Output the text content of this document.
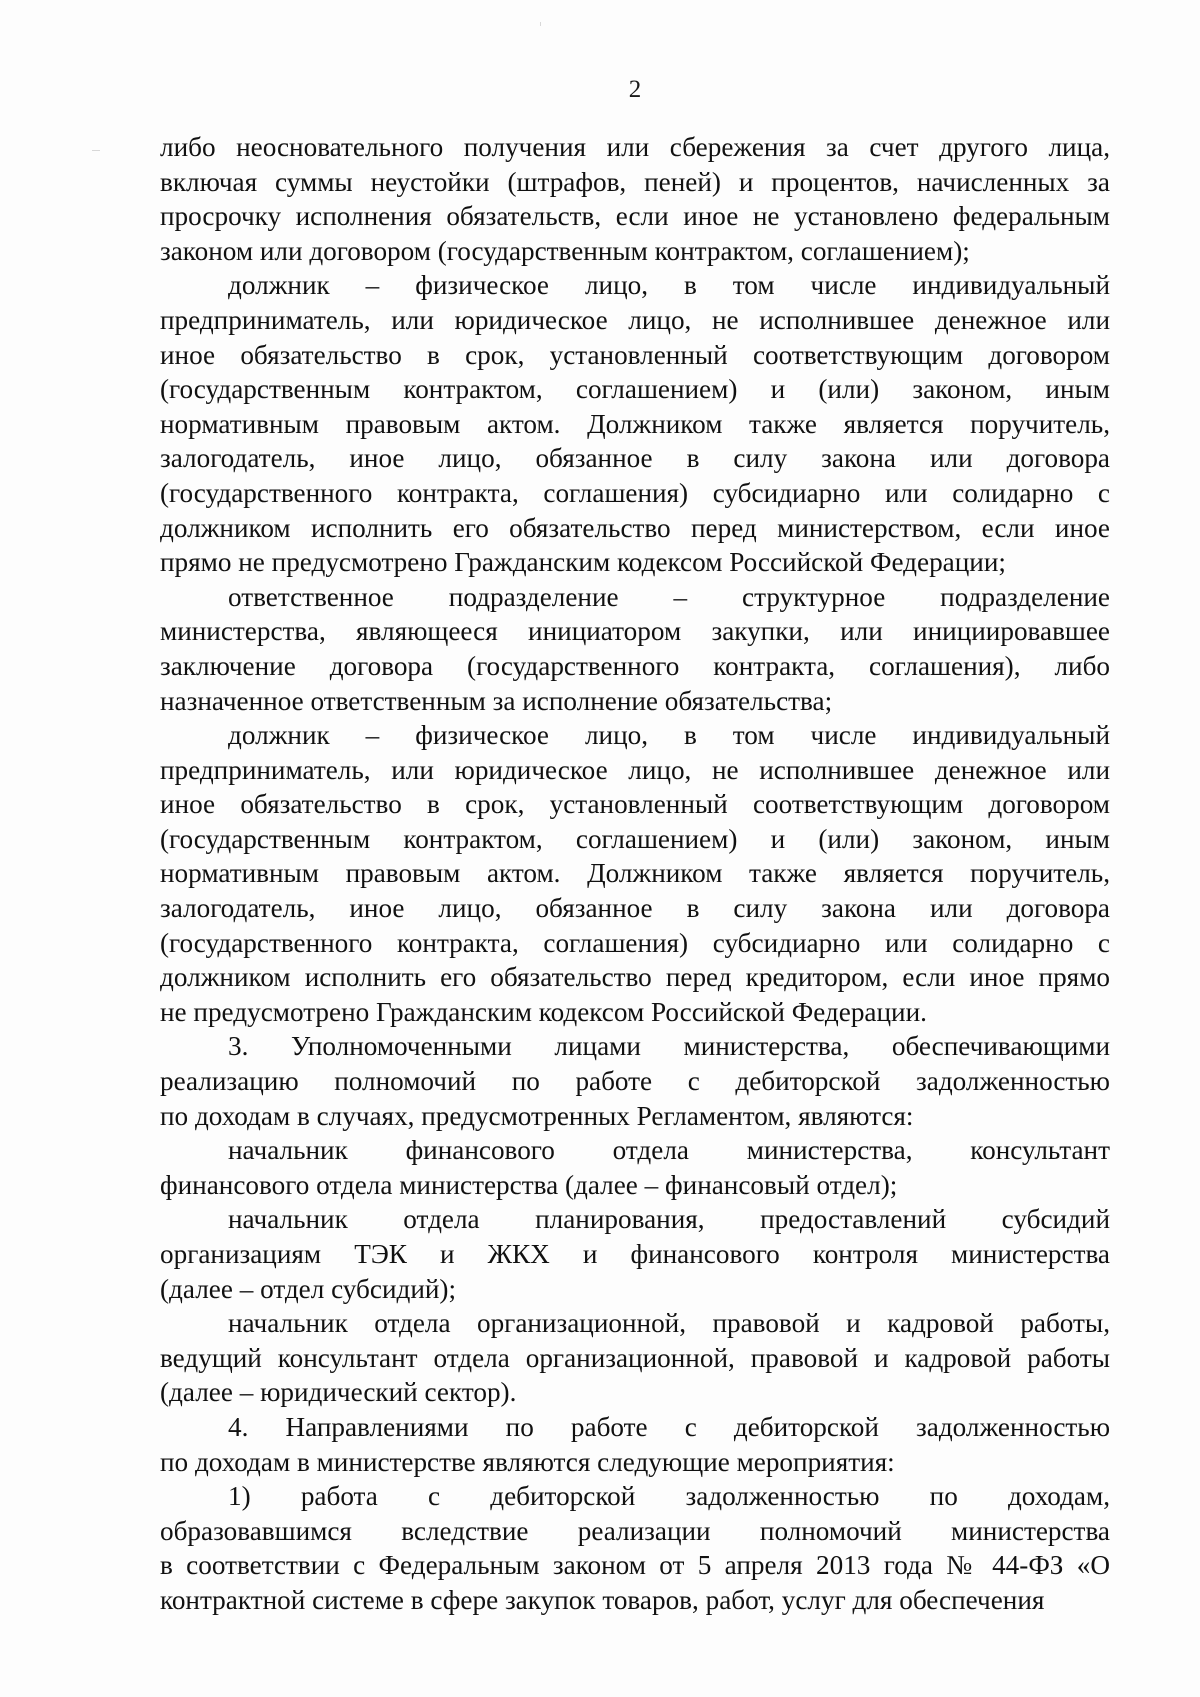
2

либо неосновательного получения или сбережения за счет другого лица,
включая суммы неустойки (штрафов, пеней) и процентов, начисленных за
просрочку исполнения обязательств, если иное не установлено федеральным
законом или договором (государственным контрактом, соглашением);

должник – физическое лицо, в том числе индивидуальный
предприниматель, или юридическое лицо, не исполнившее денежное или
иное обязательство в срок, установленный соответствующим договором
(государственным контрактом, соглашением) и (или) законом, иным
нормативным правовым актом. Должником также является поручитель,
залогодатель, иное лицо, обязанное в силу закона или договора
(государственного контракта, соглашения) субсидиарно или солидарно с
должником исполнить его обязательство перед министерством, если иное
прямо не предусмотрено Гражданским кодексом Российской Федерации;

ответственное подразделение – структурное подразделение
министерства, являющееся инициатором закупки, или инициировавшее
заключение договора (государственного контракта, соглашения), либо
назначенное ответственным за исполнение обязательства;

должник – физическое лицо, в том числе индивидуальный
предприниматель, или юридическое лицо, не исполнившее денежное или
иное обязательство в срок, установленный соответствующим договором
(государственным контрактом, соглашением) и (или) законом, иным
нормативным правовым актом. Должником также является поручитель,
залогодатель, иное лицо, обязанное в силу закона или договора
(государственного контракта, соглашения) субсидиарно или солидарно с
должником исполнить его обязательство перед кредитором, если иное прямо
не предусмотрено Гражданским кодексом Российской Федерации.

3. Уполномоченными лицами министерства, обеспечивающими
реализацию полномочий по работе с дебиторской задолженностью
по доходам в случаях, предусмотренных Регламентом, являются:

начальник финансового отдела министерства, консультант
финансового отдела министерства (далее – финансовый отдел);

начальник отдела планирования, предоставлений субсидий
организациям ТЭК и ЖКХ и финансового контроля министерства
(далее – отдел субсидий);

начальник отдела организационной, правовой и кадровой работы,
ведущий консультант отдела организационной, правовой и кадровой работы
(далее – юридический сектор).

4. Направлениями по работе с дебиторской задолженностью
по доходам в министерстве являются следующие мероприятия:

1) работа с дебиторской задолженностью по доходам,
образовавшимся вследствие реализации полномочий министерства
в соответствии с Федеральным законом от 5 апреля 2013 года № 44-ФЗ «О
контрактной системе в сфере закупок товаров, работ, услуг для обеспечения
